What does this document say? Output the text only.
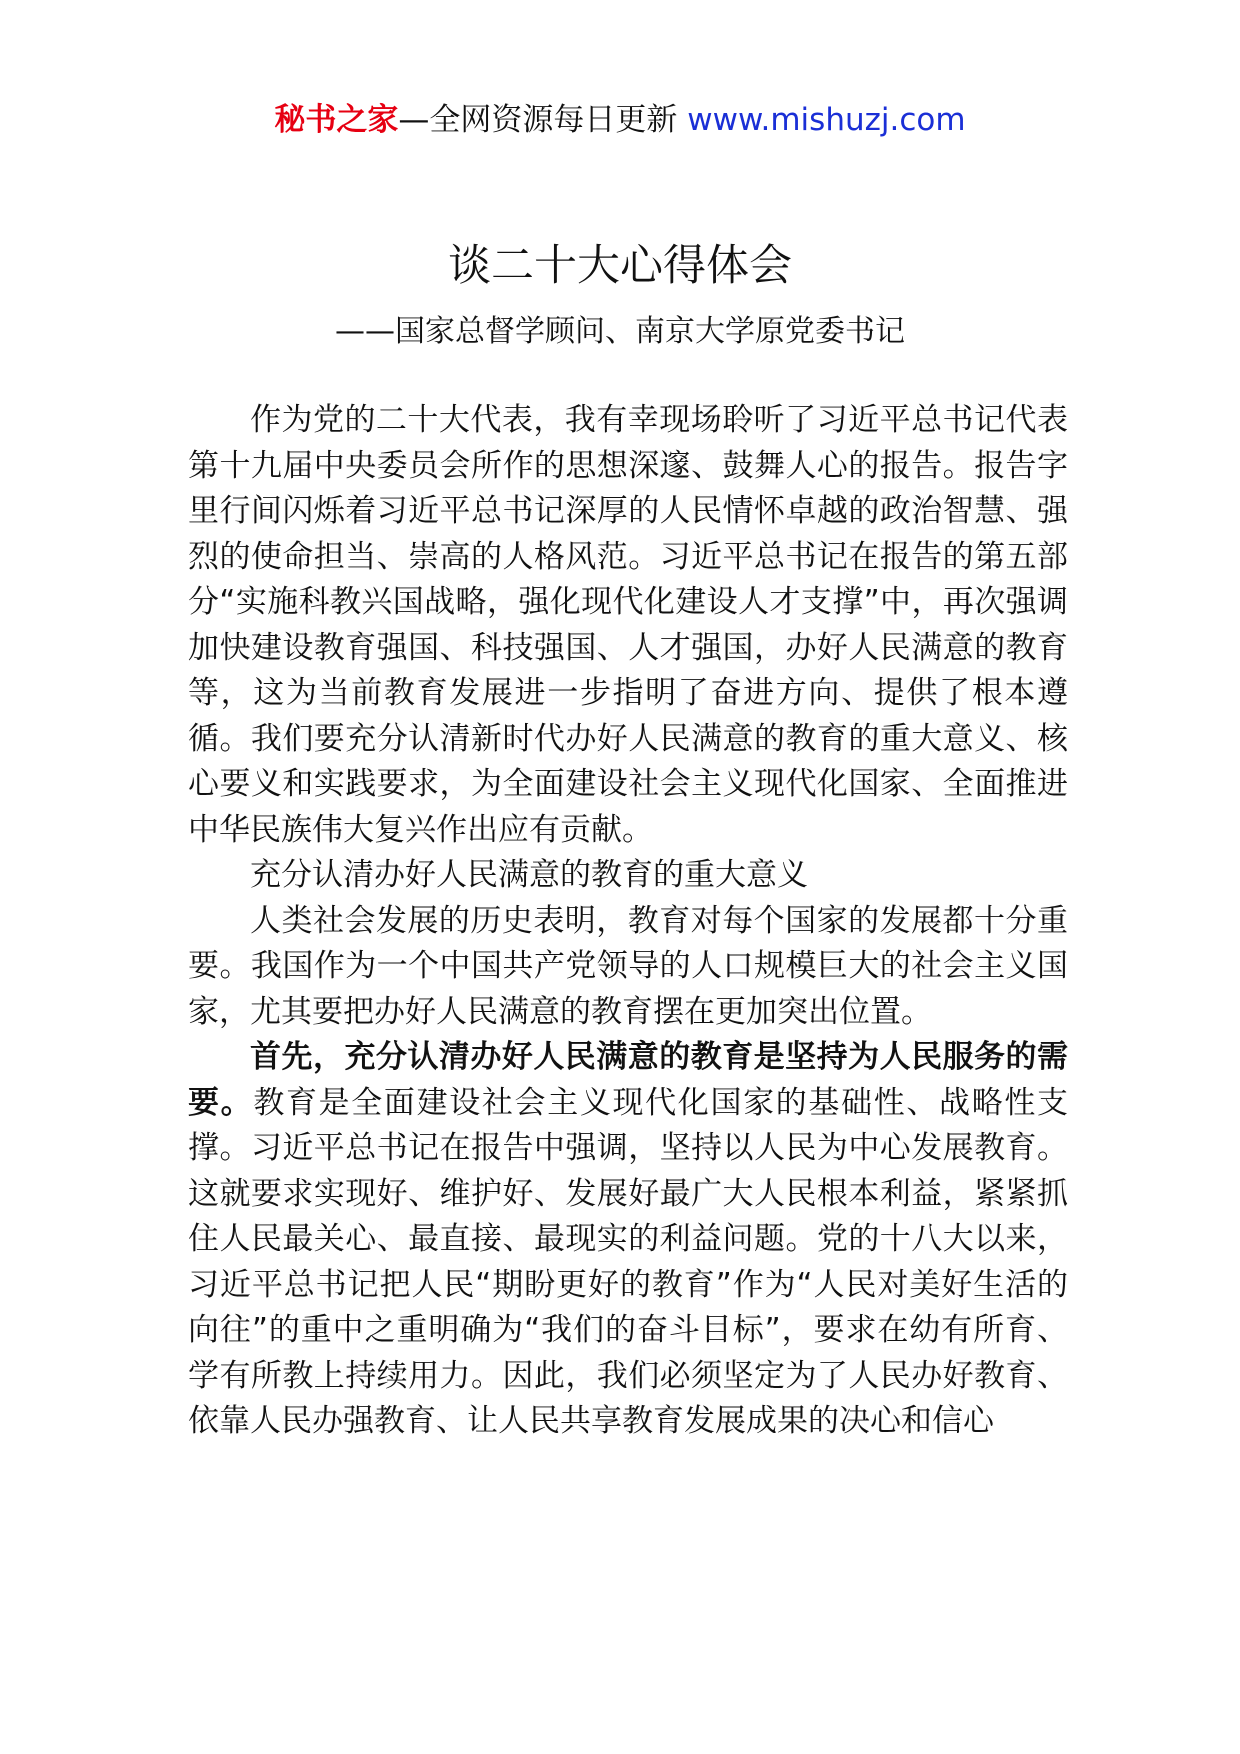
秘书之家—全网资源每日更新 www.mishuzj.com
谈二十大心得体会
——国家总督学顾问、南京大学原党委书记

作为党的二十大代表，我有幸现场聆听了习近平总书记代表第十九届中央委员会所作的思想深邃、鼓舞人心的报告。报告字里行间闪烁着习近平总书记深厚的人民情怀卓越的政治智慧、强烈的使命担当、崇高的人格风范。习近平总书记在报告的第五部分“实施科教兴国战略，强化现代化建设人才支撑”中，再次强调加快建设教育强国、科技强国、人才强国，办好人民满意的教育等，这为当前教育发展进一步指明了奋进方向、提供了根本遵循。我们要充分认清新时代办好人民满意的教育的重大意义、核心要义和实践要求，为全面建设社会主义现代化国家、全面推进中华民族伟大复兴作出应有贡献。

充分认清办好人民满意的教育的重大意义

人类社会发展的历史表明，教育对每个国家的发展都十分重要。我国作为一个中国共产党领导的人口规模巨大的社会主义国家，尤其要把办好人民满意的教育摆在更加突出位置。

首先，充分认清办好人民满意的教育是坚持为人民服务的需要。教育是全面建设社会主义现代化国家的基础性、战略性支撑。习近平总书记在报告中强调，坚持以人民为中心发展教育。这就要求实现好、维护好、发展好最广大人民根本利益，紧紧抓住人民最关心、最直接、最现实的利益问题。党的十八大以来，习近平总书记把人民“期盼更好的教育”作为“人民对美好生活的向往”的重中之重明确为“我们的奋斗目标”，要求在幼有所育、学有所教上持续用力。因此，我们必须坚定为了人民办好教育、依靠人民办强教育、让人民共享教育发展成果的决心和信心
